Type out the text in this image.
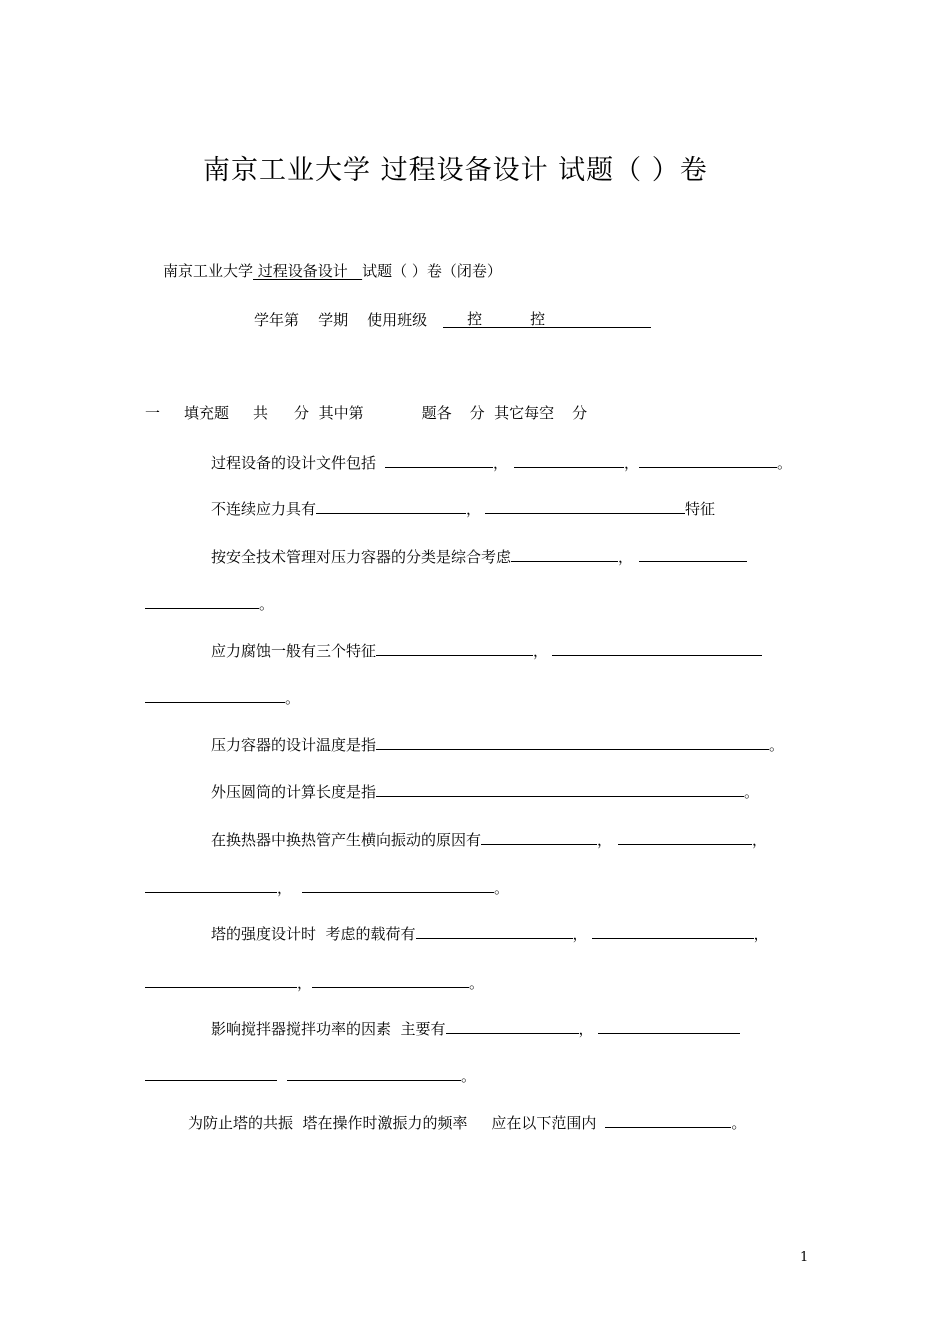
南京工业大学 过程设备设计 试题（ ）卷
南京工业大学 过程设备设计   试题（ ）卷（闭卷）
学年第    学期    使用班级	控	控
一 填充题 共 分  其中第	题各 分  其它每空 分
过程设备的设计文件包括	，	，	。
不连续应力具有	，	特征
按安全技术管理对压力容器的分类是综合考虑	，
。
应力腐蚀一般有三个特征	，
。
压力容器的设计温度是指	。
外压圆筒的计算长度是指	。
在换热器中换热管产生横向振动的原因有	，	，
，	。
塔的强度设计时  考虑的载荷有	，	，
，	。
影响搅拌器搅拌功率的因素  主要有	，
。
为防止塔的共振  塔在操作时激振力的频率     应在以下范围内	。
1
